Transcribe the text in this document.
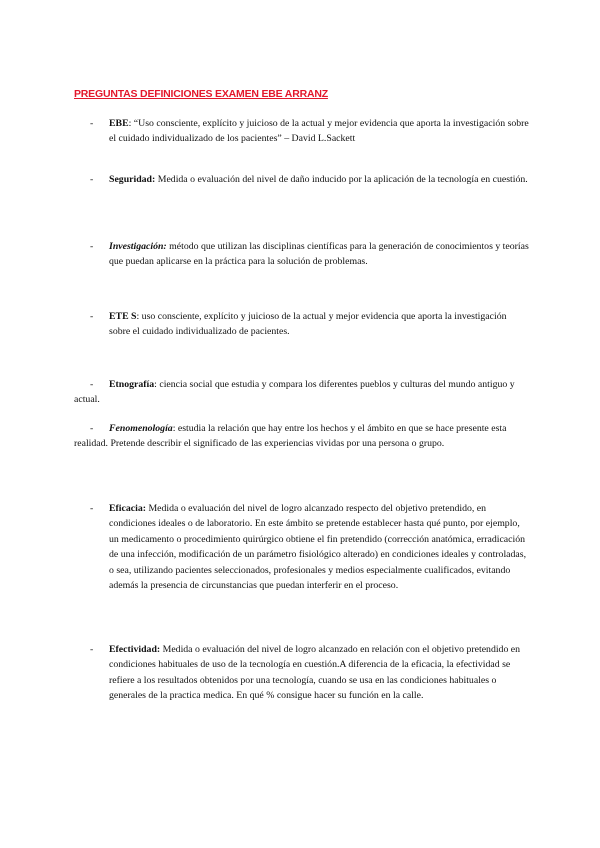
PREGUNTAS DEFINICIONES EXAMEN EBE ARRANZ
- EBE: “Uso consciente, explícito y juicioso de la actual y mejor evidencia que aporta la investigación sobre el cuidado individualizado de los pacientes” – David L.Sackett
- Seguridad: Medida o evaluación del nivel de daño inducido por la aplicación de la tecnología en cuestión.
- Investigación: método que utilizan las disciplinas científicas para la generación de conocimientos y teorías que puedan aplicarse en la práctica para la solución de problemas.
- ETE S: uso consciente, explícito y juicioso de la actual y mejor evidencia que aporta la investigación sobre el cuidado individualizado de pacientes.
-	Etnografía: ciencia social que estudia y compara los diferentes pueblos y culturas del mundo antiguo y actual.
-	Fenomenología: estudia la relación que hay entre los hechos y el ámbito en que se hace presente esta realidad. Pretende describir el significado de las experiencias vividas por una persona o grupo.
- Eficacia: Medida o evaluación del nivel de logro alcanzado respecto del objetivo pretendido, en condiciones ideales o de laboratorio. En este ámbito se pretende establecer hasta qué punto, por ejemplo, un medicamento o procedimiento quirúrgico obtiene el fin pretendido (corrección anatómica, erradicación de una infección, modificación de un parámetro fisiológico alterado) en condiciones ideales y controladas, o sea, utilizando pacientes seleccionados, profesionales y medios especialmente cualificados, evitando además la presencia de circunstancias que puedan interferir en el proceso.
- Efectividad: Medida o evaluación del nivel de logro alcanzado en relación con el objetivo pretendido en condiciones habituales de uso de la tecnología en cuestión.A diferencia de la eficacia, la efectividad se refiere a los resultados obtenidos por una tecnología, cuando se usa en las condiciones habituales o generales de la practica medica. En qué % consigue hacer su función en la calle.
